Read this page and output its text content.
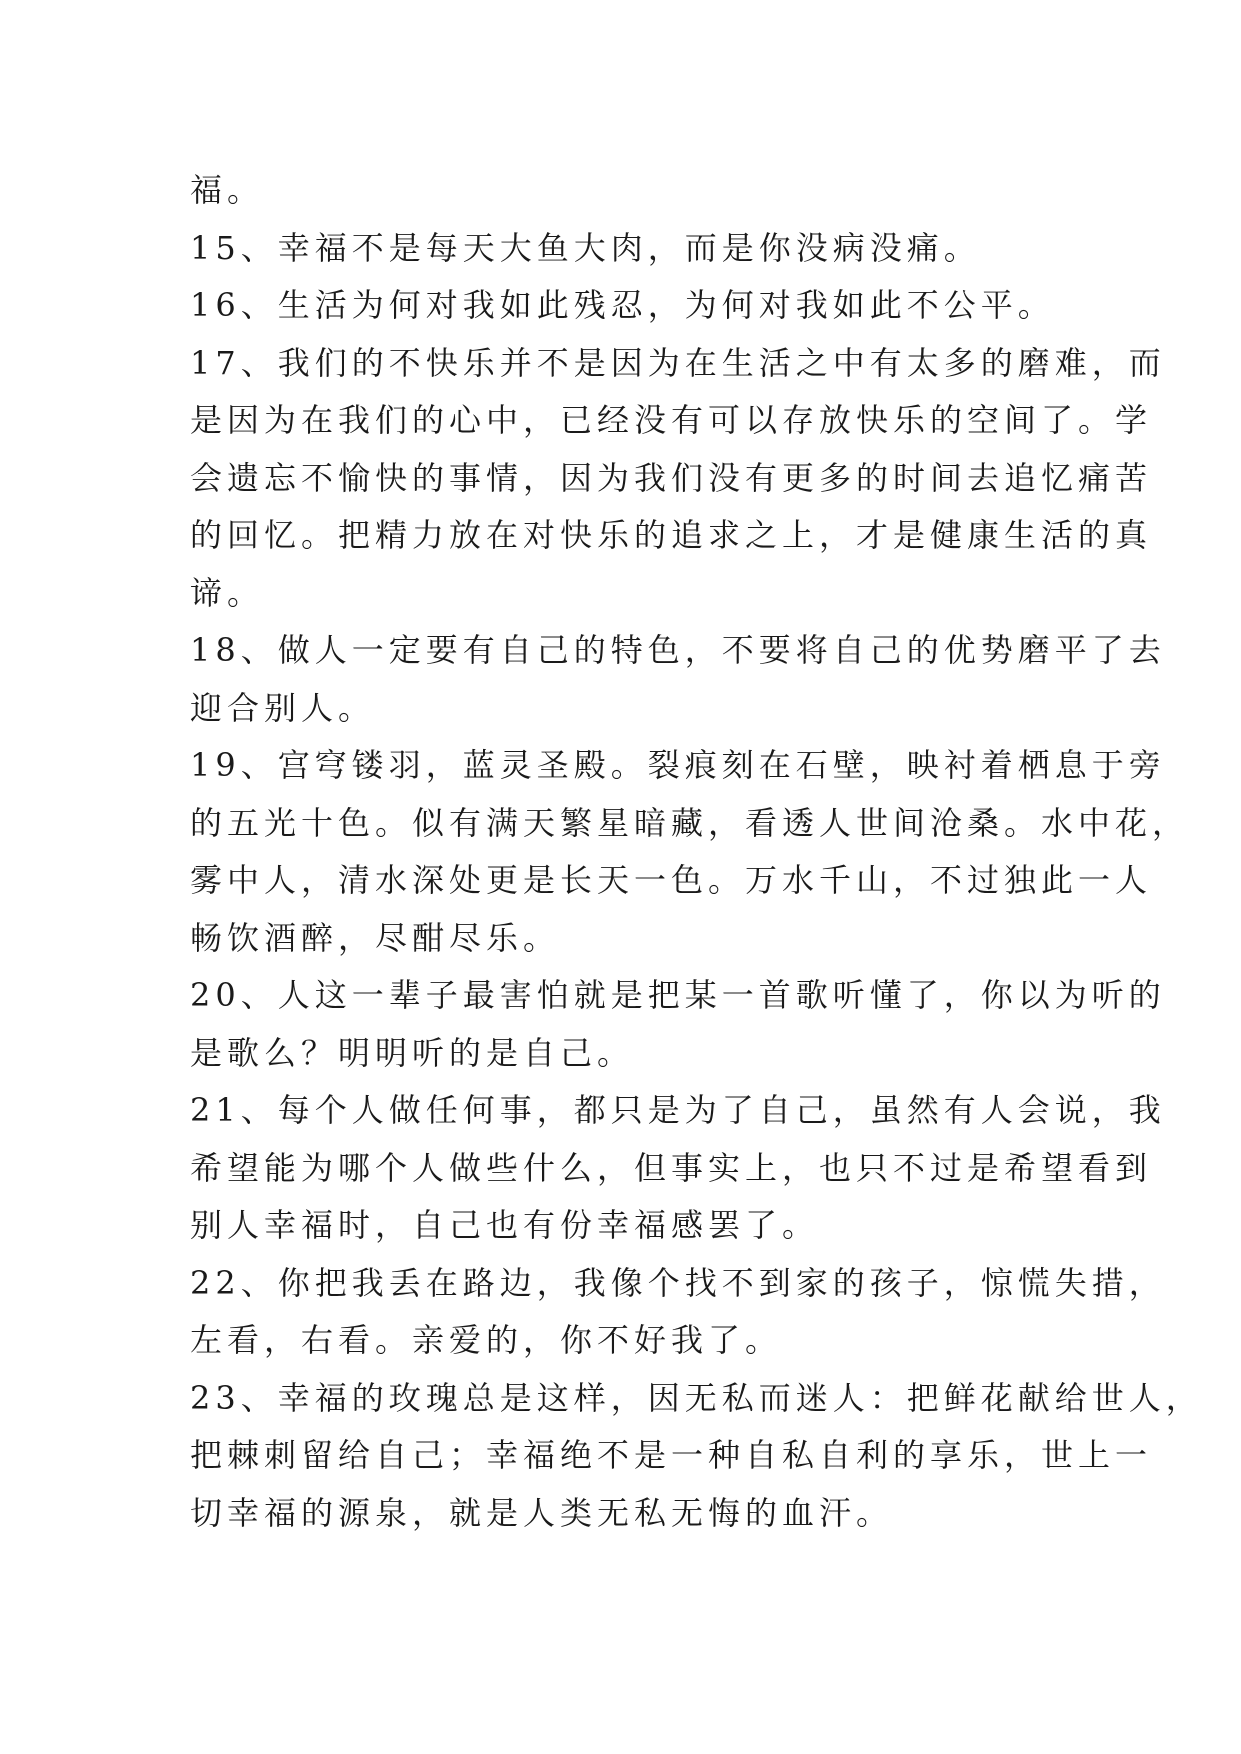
福。
15、幸福不是每天大鱼大肉，而是你没病没痛。
16、生活为何对我如此残忍，为何对我如此不公平。
17、我们的不快乐并不是因为在生活之中有太多的磨难，而
是因为在我们的心中，已经没有可以存放快乐的空间了。学
会遗忘不愉快的事情，因为我们没有更多的时间去追忆痛苦
的回忆。把精力放在对快乐的追求之上，才是健康生活的真
谛。
18、做人一定要有自己的特色，不要将自己的优势磨平了去
迎合别人。
19、宫穹镂羽，蓝灵圣殿。裂痕刻在石壁，映衬着栖息于旁
的五光十色。似有满天繁星暗藏，看透人世间沧桑。水中花，
雾中人，清水深处更是长天一色。万水千山，不过独此一人
畅饮酒醉，尽酣尽乐。
20、人这一辈子最害怕就是把某一首歌听懂了，你以为听的
是歌么？明明听的是自己。
21、每个人做任何事，都只是为了自己，虽然有人会说，我
希望能为哪个人做些什么，但事实上，也只不过是希望看到
别人幸福时，自己也有份幸福感罢了。
22、你把我丢在路边，我像个找不到家的孩子，惊慌失措，
左看，右看。亲爱的，你不好我了。
23、幸福的玫瑰总是这样，因无私而迷人：把鲜花献给世人，
把棘刺留给自己；幸福绝不是一种自私自利的享乐，世上一
切幸福的源泉，就是人类无私无悔的血汗。
